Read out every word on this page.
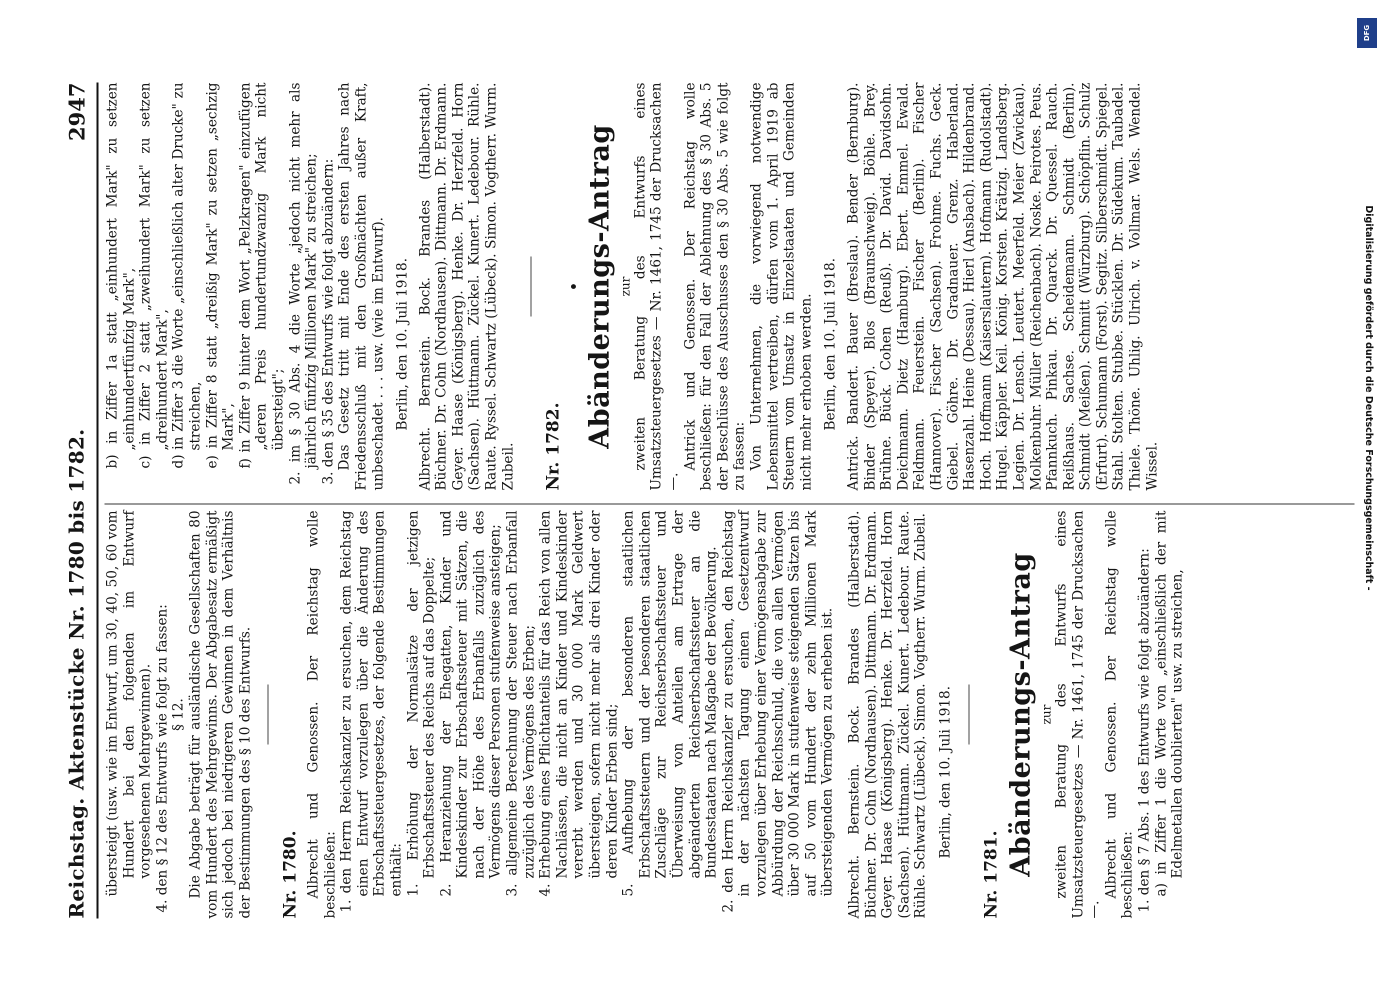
Reichstag. Aktenstücke Nr. 1780 bis 1782.
2947

übersteigt (usw. wie im Entwurf, um 30, 40, 50, 60 vom Hundert bei den folgenden im Entwurf vorgesehenen Mehrgewinnen). 4. den § 12 des Entwurfs wie folgt zu fassen: § 12. Die Abgabe beträgt für ausländische Gesellschaften 80 vom Hundert des Mehrgewinns. Der Abgabesatz ermäßigt sich jedoch bei niedrigeren Gewinnen in dem Verhältnis der Bestimmungen des § 10 des Entwurfs. Nr. 1780. Albrecht und Genossen. Der Reichstag wolle beschließen: 1. den Herrn Reichskanzler zu ersuchen, dem Reichstag einen Entwurf vorzulegen über die Änderung des Erbschaftssteuergesetzes, der folgende Bestimmungen enthält: 1. Erhöhung der Normalsätze der jetzigen Erbschaftssteuer des Reichs auf das Doppelte; 2. Heranziehung der Ehegatten, Kinder und Kindeskinder zur Erbschaftssteuer mit Sätzen, die nach der Höhe des Erbanfalls zuzüglich des Vermögens dieser Personen stufenweise ansteigen; 3. allgemeine Berechnung der Steuer nach Erbanfall zuzüglich des Vermögens des Erben; 4. Erhebung eines Pflichtanteils für das Reich von allen Nachlässen, die nicht an Kinder und Kindeskinder vererbt werden und 30 000 Mark Geldwert übersteigen, sofern nicht mehr als drei Kinder oder deren Kinder Erben sind; 5. Aufhebung der besonderen staatlichen Erbschaftssteuern und der besonderen staatlichen Zuschläge zur Reichserbschaftssteuer und Überweisung von Anteilen am Ertrage der abgeänderten Reichserbschaftssteuer an die Bundesstaaten nach Maßgabe der Bevölkerung. 2. den Herrn Reichskanzler zu ersuchen, den Reichstag in der nächsten Tagung einen Gesetzentwurf vorzulegen über Erhebung einer Vermögensabgabe zur Abbürdung der Reichsschuld, die von allen Vermögen über 30 000 Mark in stufenweise steigenden Sätzen bis auf 50 vom Hundert der zehn Millionen Mark übersteigenden Vermögen zu erheben ist. Albrecht. Bernstein. Bock. Brandes (Halberstadt). Büchner. Dr. Cohn (Nordhausen). Dittmann. Dr. Erdmann. Geyer. Haase (Königsberg). Henke. Dr. Herzfeld. Horn (Sachsen). Hüttmann. Zückel. Kunert. Ledebour. Raute. Rühle. Schwartz (Lübeck). Simon. Vogtherr. Wurm. Zubeil. Berlin, den 10. Juli 1918.

Nr. 1781. Abänderungs-Antrag zur zweiten Beratung des Entwurfs eines Umsatzsteuergesetzes — Nr. 1461, 1745 der Drucksachen —.

Albrecht und Genossen. Der Reichstag wolle beschließen: 1. den § 7 Abs. 1 des Entwurfs wie folgt abzuändern: a) in Ziffer 1 die Worte von „einschließlich der mit Edelmetallen doublierten" usw. zu streichen,

b) in Ziffer 1a statt „einhundert Mark" zu setzen „einhundertfünfzig Mark", c) in Ziffer 2 statt „zweihundert Mark" zu setzen „dreihundert Mark", d) in Ziffer 3 die Worte „einschließlich alter Drucke" zu streichen, e) in Ziffer 8 statt „dreißig Mark" zu setzen „sechzig Mark", f) in Ziffer 9 hinter dem Wort „Pelzkragen" einzufügen „deren Preis hundertundzwanzig Mark nicht übersteigt"; 2. im § 30 Abs. 4 die Worte „jedoch nicht mehr als jährlich fünfzig Millionen Mark" zu streichen; 3. den § 35 des Entwurfs wie folgt abzuändern: Das Gesetz tritt mit Ende des ersten Jahres nach Friedensschluß mit den Großmächten außer Kraft, unbeschadet . . . usw. (wie im Entwurf). Berlin, den 10. Juli 1918. Albrecht. Bernstein. Bock. Brandes (Halberstadt). Büchner. Dr. Cohn (Nordhausen). Dittmann. Dr. Erdmann. Geyer. Haase (Königsberg). Henke. Dr. Herzfeld. Horn (Sachsen). Hüttmann. Zückel. Kunert. Ledebour. Rühle. Raute. Ryssel. Schwartz (Lübeck). Simon. Vogtherr. Wurm. Zubeil. Nr. 1782.

• Abänderungs-Antrag zur zweiten Beratung des Entwurfs eines Umsatzsteuergesetzes — Nr. 1461, 1745 der Drucksachen —.

Antrick und Genossen. Der Reichstag wolle beschließen: für den Fall der Ablehnung des § 30 Abs. 5 der Beschlüsse des Ausschusses den § 30 Abs. 5 wie folgt zu fassen: Von Unternehmen, die vorwiegend notwendige Lebensmittel vertreiben, dürfen vom 1. April 1919 ab Steuern vom Umsatz in Einzelstaaten und Gemeinden nicht mehr erhoben werden. Berlin, den 10. Juli 1918. Antrick. Bandert. Bauer (Breslau). Bender (Bernburg). Binder (Speyer). Blos (Braunschweig). Böhle. Brey. Brühne. Bück. Cohen (Reuß). Dr. David. Davidsohn. Deichmann. Dietz (Hamburg). Ebert. Emmel. Ewald. Feldmann. Feuerstein. Fischer (Berlin). Fischer (Hannover). Fischer (Sachsen). Frohme. Fuchs. Geck. Giebel. Göhre. Dr. Gradnauer. Grenz. Haberland. Hasenzahl. Heine (Dessau). Hierl (Ansbach). Hildenbrand. Hoch. Hoffmann (Kaiserslautern). Hofmann (Rudolstadt). Hugel. Käppler. Keil. König. Korsten. Krätzig. Landsberg. Legien. Dr. Lensch. Leutert. Meerfeld. Meier (Zwickau). Molkenbuhr. Müller (Reichenbach). Noske. Peirotes. Peus. Pfannkuch. Pinkau. Dr. Quarck. Dr. Quessel. Rauch. Reißhaus. Sachse. Scheidemann. Schmidt (Berlin). Schmidt (Meißen). Schmitt (Würzburg). Schöpflin. Schulz (Erfurt). Schumann (Forst). Segitz. Silberschmidt. Spiegel. Stahl. Stolten. Stubbe. Stücklen. Dr. Südekum. Taubadel. Thiele. Thöne. Uhlig. Ulrich. v. Vollmar. Wels. Wendel. Wissel.

DFG
Digitalisierung gefördert durch die Deutsche Forschungsgemeinschaft -
